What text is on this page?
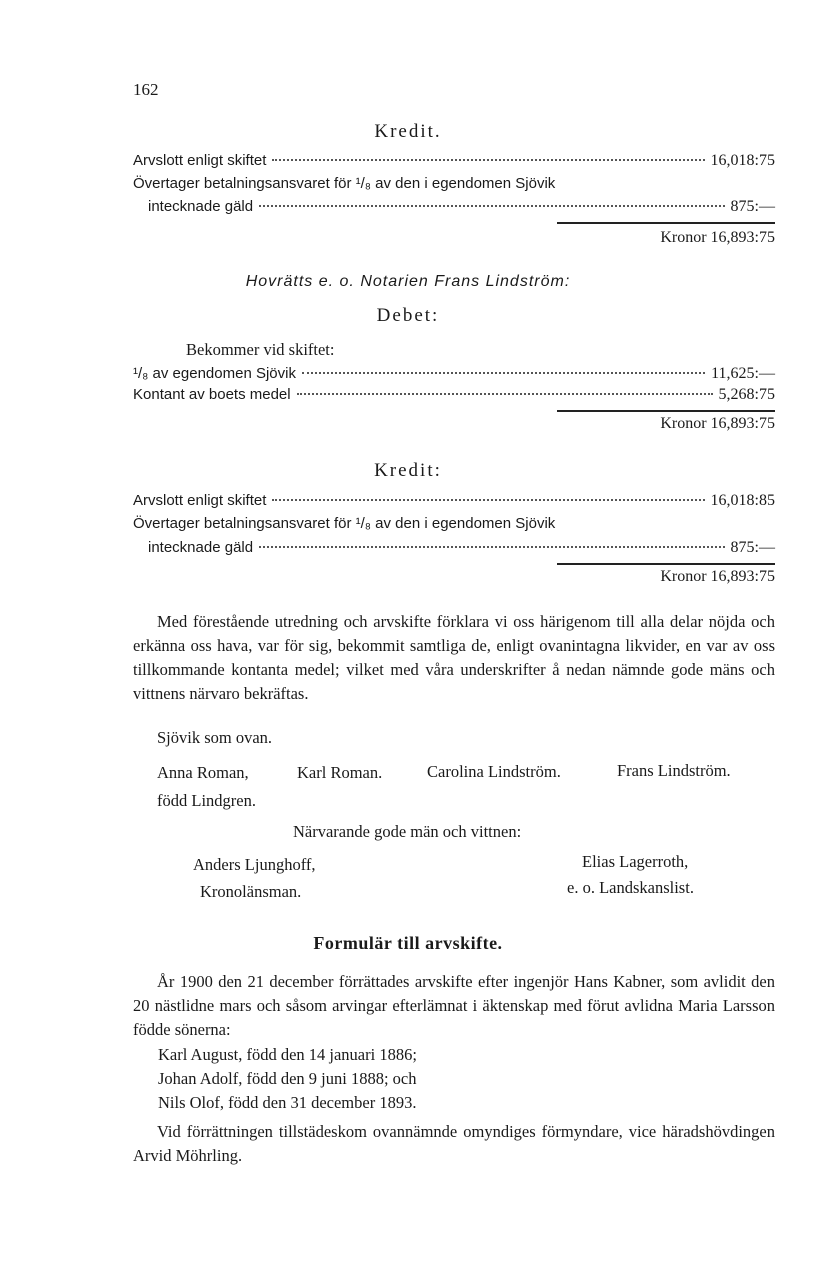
162
Kredit.
Arvslott enligt skiftet	16,018:75
Övertager betalningsansvaret för ¹/₈ av den i egendomen Sjövik
intecknade gäld	875:—
Kronor 16,893:75
Hovrätts e. o. Notarien Frans Lindström:
Debet:
Bekommer vid skiftet:
¹/₈ av egendomen Sjövik	11,625:—
Kontant av boets medel	5,268:75
Kronor 16,893:75
Kredit:
Arvslott enligt skiftet	16,018:85
Övertager betalningsansvaret för ¹/₈ av den i egendomen Sjövik
intecknade gäld	875:—
Kronor 16,893:75
Med förestående utredning och arvskifte förklara vi oss härigenom till alla delar nöjda och erkänna oss hava, var för sig, bekommit samtliga de, enligt ovanintagna likvider, en var av oss tillkommande kontanta medel; vilket med våra underskrifter å nedan nämnde gode mäns och vittnens närvaro bekräftas.
Sjövik som ovan.
Anna Roman,	Karl Roman.	Carolina Lindström.	Frans Lindström.
född Lindgren.
Närvarande gode män och vittnen:
Anders Ljunghoff,
Kronolänsman.
Elias Lagerroth,
e. o. Landskanslist.
Formulär till arvskifte.
År 1900 den 21 december förrättades arvskifte efter ingenjör Hans Kabner, som avlidit den 20 nästlidne mars och såsom arvingar efterlämnat i äktenskap med förut avlidna Maria Larsson födde sönerna:
Karl August, född den 14 januari 1886;
Johan Adolf, född den 9 juni 1888; och
Nils Olof, född den 31 december 1893.
Vid förrättningen tillstädeskom ovannämnde omyndiges förmyndare, vice häradshövdingen Arvid Möhrling.
